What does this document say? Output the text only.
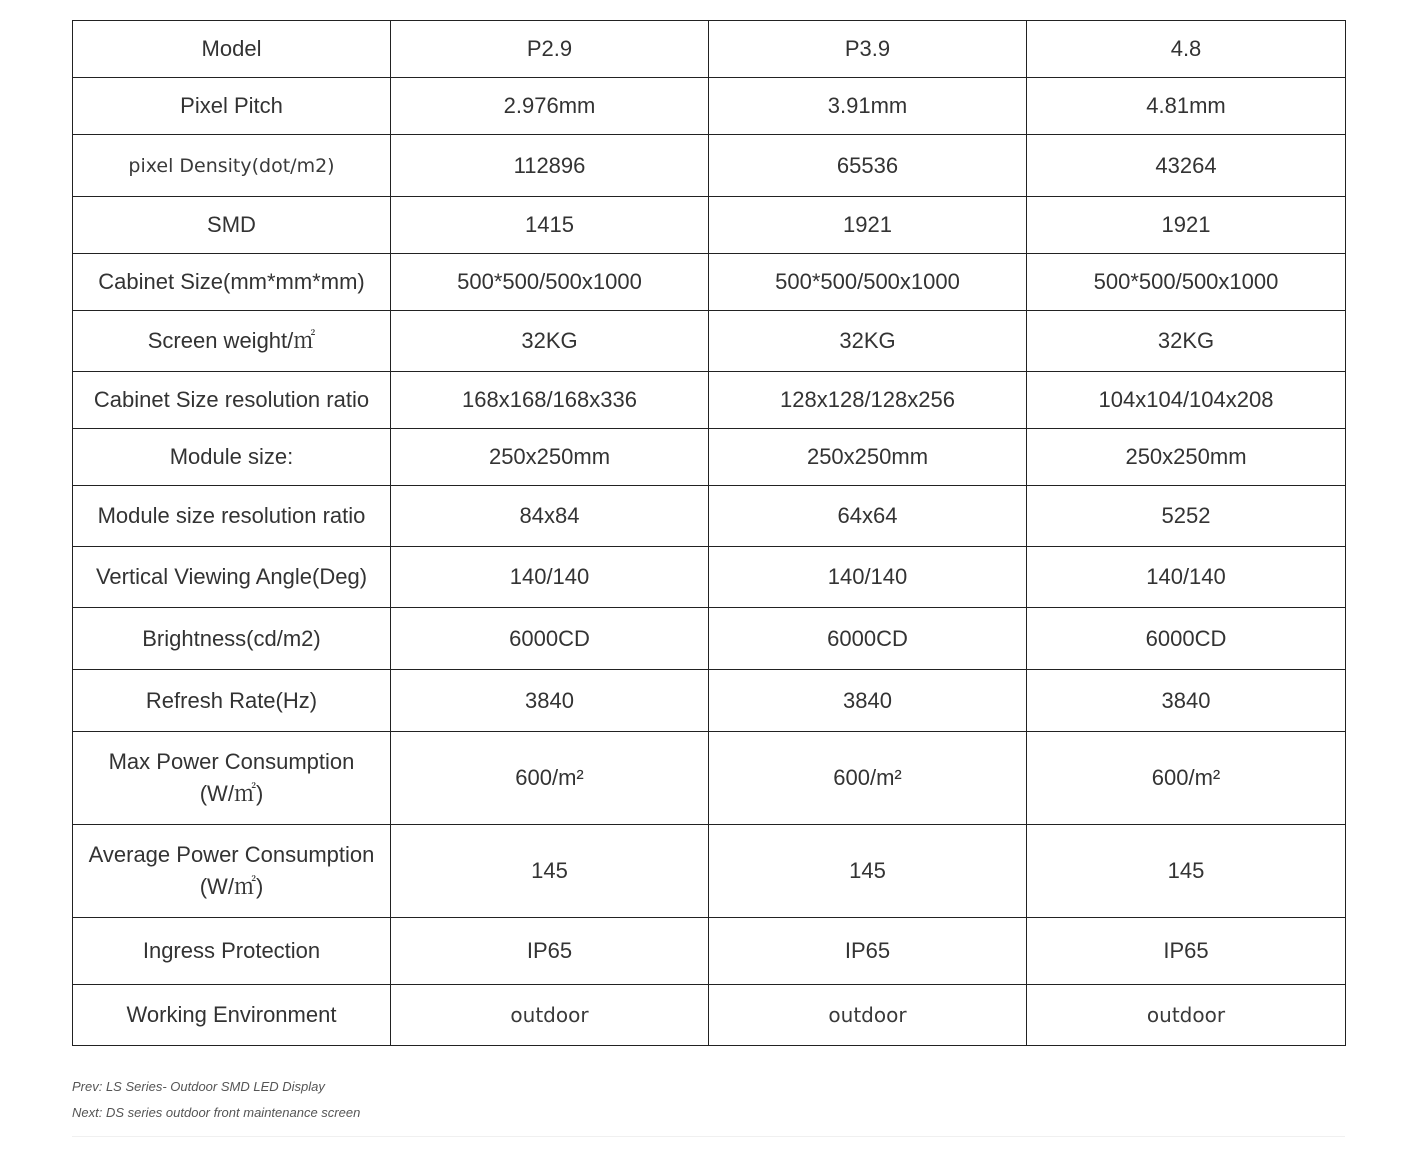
Model	P2.9	P3.9	4.8
Pixel Pitch	2.976mm	3.91mm	4.81mm
pixel Density(dot/m2)	112896	65536	43264
SMD	1415	1921	1921
Cabinet Size(mm*mm*mm)	500*500/500x1000	500*500/500x1000	500*500/500x1000
Screen weight/㎡	32KG	32KG	32KG
Cabinet Size resolution ratio	168x168/168x336	128x128/128x256	104x104/104x208
Module size:	250x250mm	250x250mm	250x250mm
Module size resolution ratio	84x84	64x64	5252
Vertical Viewing Angle(Deg)	140/140	140/140	140/140
Brightness(cd/m2)	6000CD	6000CD	6000CD
Refresh Rate(Hz)	3840	3840	3840

Max Power Consumption
(W/㎡)	600/m²	600/m²	600/m²

Average Power Consumption
(W/㎡)	145	145	145
Ingress Protection	IP65	IP65	IP65
Working Environment	outdoor	outdoor	outdoor
Prev: LS Series- Outdoor SMD LED Display
Next: DS series outdoor front maintenance screen
